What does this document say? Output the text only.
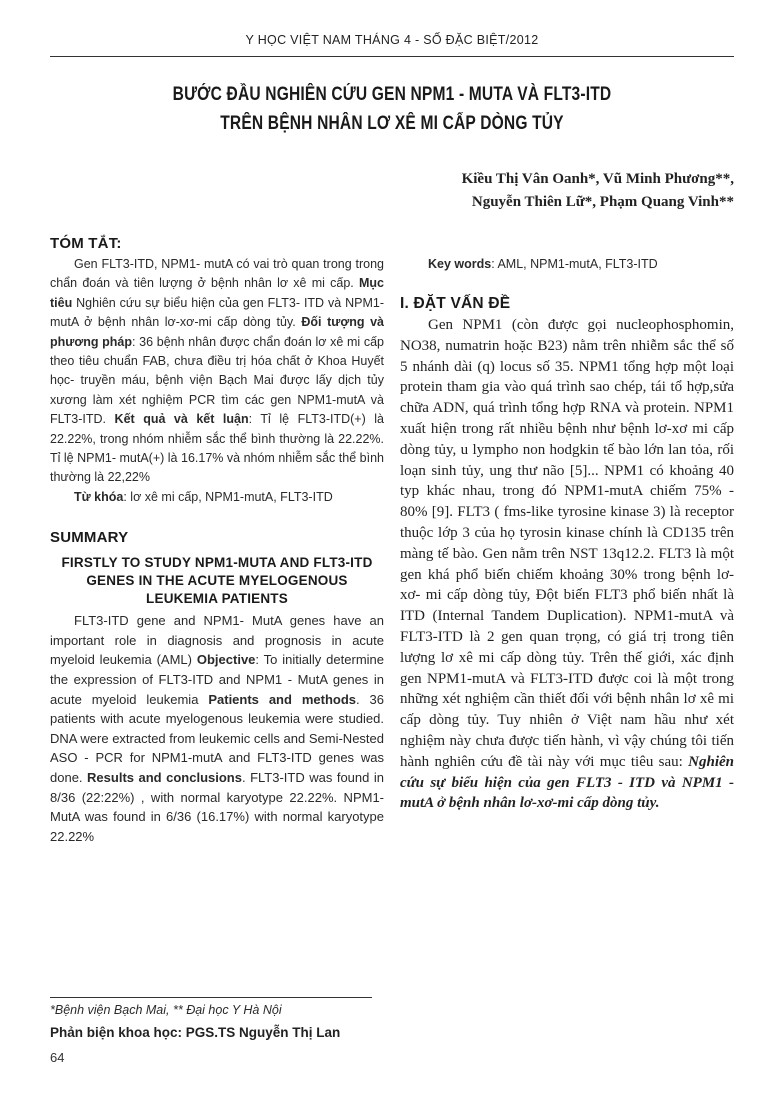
Y HỌC VIỆT NAM THÁNG 4 - SỐ ĐẶC BIỆT/2012
BƯỚC ĐẦU NGHIÊN CỨU GEN NPM1 - MUTA VÀ FLT3-ITD
TRÊN BỆNH NHÂN LƠ XÊ MI CẤP DÒNG TỦY
Kiều Thị Vân Oanh*, Vũ Minh Phương**,
Nguyễn Thiên Lữ*, Phạm Quang Vinh**
TÓM TẮT:

Gen FLT3-ITD, NPM1- mutA có vai trò quan trong trong chẩn đoán và tiên lượng ở bệnh nhân lơ xê mi cấp. Mục tiêu Nghiên cứu sự biểu hiện của gen FLT3- ITD và NPM1- mutA ở bệnh nhân lơ-xơ-mi cấp dòng tủy. Đối tượng và phương pháp: 36 bệnh nhân được chẩn đoán lơ xê mi cấp theo tiêu chuẩn FAB, chưa điều trị hóa chất ở Khoa Huyết học- truyền máu, bệnh viện Bạch Mai được lấy dịch tủy xương làm xét nghiệm PCR tìm các gen NPM1-mutA và FLT3-ITD. Kết quả và kết luận: Tỉ lệ FLT3-ITD(+) là 22.22%, trong nhóm nhiễm sắc thể bình thường là 22.22%. Tỉ lệ NPM1- mutA(+) là 16.17% và nhóm nhiễm sắc thể bình thường là 22,22%

Từ khóa: lơ xê mi cấp, NPM1-mutA, FLT3-ITD

SUMMARY
FIRSTLY TO STUDY NPM1-MUTA AND FLT3-ITD GENES IN THE ACUTE MYELOGENOUS LEUKEMIA PATIENTS

FLT3-ITD gene and NPM1- MutA genes have an important role in diagnosis and prognosis in acute myeloid leukemia (AML) Objective: To initially determine the expression of FLT3-ITD and NPM1 - MutA genes in acute myeloid leukemia Patients and methods. 36 patients with acute myelogenous leukemia were studied. DNA were extracted from leukemic cells and Semi-Nested ASO - PCR for NPM1-mutA and FLT3-ITD genes was done. Results and conclusions. FLT3-ITD was found in 8/36 (22:22%) , with normal karyotype 22.22%. NPM1-MutA was found in 6/36 (16.17%) with normal karyotype 22.22%

Key words: AML, NPM1-mutA, FLT3-ITD

I. ĐẶT VẤN ĐỀ

Gen NPM1 (còn được gọi nucleophosphomin, NO38, numatrin hoặc B23) nằm trên nhiễm sắc thể số 5 nhánh dài (q) locus số 35. NPM1 tổng hợp một loại protein tham gia vào quá trình sao chép, tái tổ hợp,sửa chữa ADN, quá trình tổng hợp RNA và protein. NPM1 xuất hiện trong rất nhiều bệnh như bệnh lơ-xơ mi cấp dòng tủy, u lympho non hodgkin tế bào lớn lan tỏa, rối loạn sinh tủy, ung thư não [5]... NPM1 có khoảng 40 typ khác nhau, trong đó NPM1-mutA chiếm 75% - 80% [9]. FLT3 ( fms-like tyrosine kinase 3) là receptor thuộc lớp 3 của họ tyrosin kinase chính là CD135 trên màng tế bào. Gen nằm trên NST 13q12.2. FLT3 là một gen khá phổ biến chiếm khoảng 30% trong bệnh lơ- xơ- mi cấp dòng tủy, Đột biến FLT3 phổ biến nhất là ITD (Internal Tandem Duplication). NPM1-mutA và FLT3-ITD là 2 gen quan trọng, có giá trị trong tiên lượng lơ xê mi cấp dòng tủy. Trên thế giới, xác định gen NPM1-mutA và FLT3-ITD được coi là một trong những xét nghiệm cần thiết đối với bệnh nhân lơ xê mi cấp dòng tủy. Tuy nhiên ở Việt nam hầu như xét nghiệm này chưa được tiến hành, vì vậy chúng tôi tiến hành nghiên cứu đề tài này với mục tiêu sau: Nghiên cứu sự biểu hiện của gen FLT3 - ITD và NPM1 - mutA ở bệnh nhân lơ-xơ-mi cấp dòng tủy.

*Bệnh viện Bạch Mai, ** Đại học Y Hà Nội
Phản biện khoa học: PGS.TS Nguyễn Thị Lan
64
